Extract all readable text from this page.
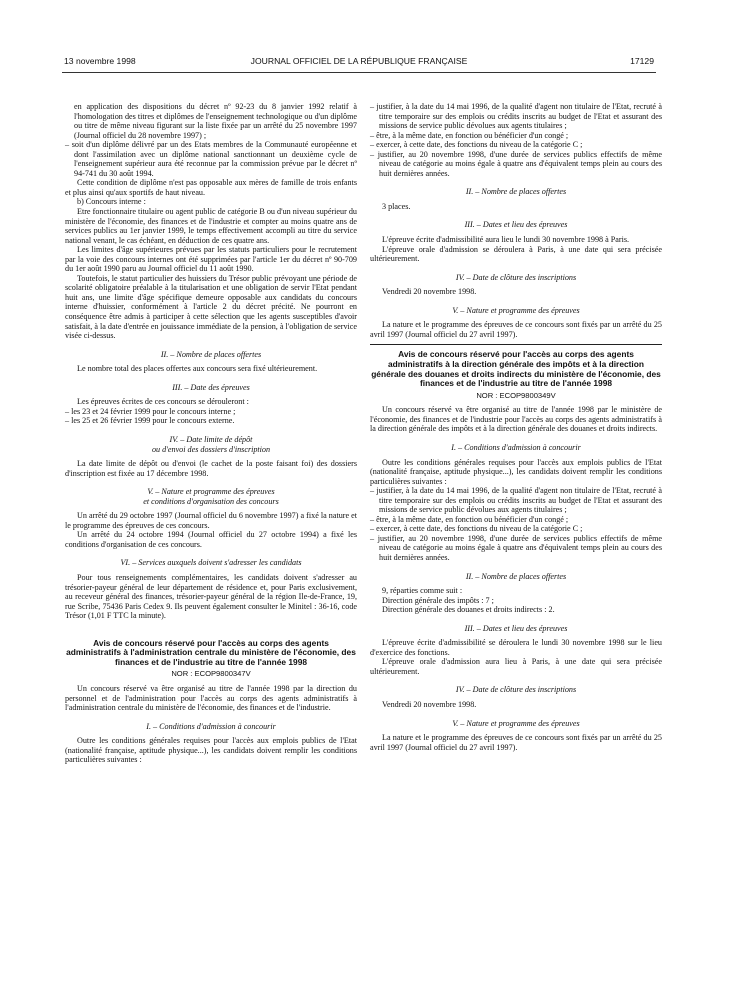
13 novembre 1998	JOURNAL OFFICIEL DE LA RÉPUBLIQUE FRANÇAISE	17129

en application des dispositions du décret nº 92-23 du 8 janvier 1992 relatif à l'homologation des titres et diplômes de l'enseignement technologique ou d'un diplôme ou titre de même niveau figurant sur la liste fixée par un arrêté du 25 novembre 1997 (Journal officiel du 28 novembre 1997) ;

– soit d'un diplôme délivré par un des Etats membres de la Communauté européenne et dont l'assimilation avec un diplôme national sanctionnant un deuxième cycle de l'enseignement supérieur aura été reconnue par la commission prévue par le décret nº 94-741 du 30 août 1994.

Cette condition de diplôme n'est pas opposable aux mères de famille de trois enfants et plus ainsi qu'aux sportifs de haut niveau.

b) Concours interne :

Etre fonctionnaire titulaire ou agent public de catégorie B ou d'un niveau supérieur du ministère de l'économie, des finances et de l'industrie et compter au moins quatre ans de services publics au 1er janvier 1999, le temps effectivement accompli au titre du service national venant, le cas échéant, en déduction de ces quatre ans.

Les limites d'âge supérieures prévues par les statuts particuliers pour le recrutement par la voie des concours internes ont été supprimées par l'article 1er du décret nº 90-709 du 1er août 1990 paru au Journal officiel du 11 août 1990.

Toutefois, le statut particulier des huissiers du Trésor public prévoyant une période de scolarité obligatoire préalable à la titularisation et une obligation de servir l'Etat pendant huit ans, une limite d'âge spécifique demeure opposable aux candidats du concours interne d'huissier, conformément à l'article 2 du décret précité. Ne pourront en conséquence être admis à participer à cette sélection que les agents susceptibles d'avoir satisfait, à la date d'entrée en jouissance immédiate de la pension, à l'obligation de service visée ci-dessus.

II. – Nombre de places offertes

Le nombre total des places offertes aux concours sera fixé ultérieurement.

III. – Date des épreuves

Les épreuves écrites de ces concours se dérouleront :

– les 23 et 24 février 1999 pour le concours interne ;

– les 25 et 26 février 1999 pour le concours externe.

IV. – Date limite de dépôt

ou d'envoi des dossiers d'inscription

La date limite de dépôt ou d'envoi (le cachet de la poste faisant foi) des dossiers d'inscription est fixée au 17 décembre 1998.

V. – Nature et programme des épreuves

et conditions d'organisation des concours

Un arrêté du 29 octobre 1997 (Journal officiel du 6 novembre 1997) a fixé la nature et le programme des épreuves de ces concours.

Un arrêté du 24 octobre 1994 (Journal officiel du 27 octobre 1994) a fixé les conditions d'organisation de ces concours.

VI. – Services auxquels doivent s'adresser les candidats

Pour tous renseignements complémentaires, les candidats doivent s'adresser au trésorier-payeur général de leur département de résidence et, pour Paris exclusivement, au receveur général des finances, trésorier-payeur général de la région Ile-de-France, 19, rue Scribe, 75436 Paris Cedex 9. Ils peuvent également consulter le Minitel : 36-16, code Trésor (1,01 F TTC la minute).

Avis de concours réservé pour l'accès au corps des agents administratifs à l'administration centrale du ministère de l'économie, des finances et de l'industrie au titre de l'année 1998

NOR : ECOP9800347V

Un concours réservé va être organisé au titre de l'année 1998 par la direction du personnel et de l'administration pour l'accès au corps des agents administratifs à l'administration centrale du ministère de l'économie, des finances et de l'industrie.

I. – Conditions d'admission à concourir

Outre les conditions générales requises pour l'accès aux emplois publics de l'Etat (nationalité française, aptitude physique...), les candidats doivent remplir les conditions particulières suivantes :

– justifier, à la date du 14 mai 1996, de la qualité d'agent non titulaire de l'Etat, recruté à titre temporaire sur des emplois ou crédits inscrits au budget de l'Etat et assurant des missions de service public dévolues aux agents titulaires ;

– être, à la même date, en fonction ou bénéficier d'un congé ;

– exercer, à cette date, des fonctions du niveau de la catégorie C ;

– justifier, au 20 novembre 1998, d'une durée de services publics effectifs de même niveau de catégorie au moins égale à quatre ans d'équivalent temps plein au cours des huit dernières années.

II. – Nombre de places offertes

3 places.

III. – Dates et lieu des épreuves

L'épreuve écrite d'admissibilité aura lieu le lundi 30 novembre 1998 à Paris.

L'épreuve orale d'admission se déroulera à Paris, à une date qui sera précisée ultérieurement.

IV. – Date de clôture des inscriptions

Vendredi 20 novembre 1998.

V. – Nature et programme des épreuves

La nature et le programme des épreuves de ce concours sont fixés par un arrêté du 25 avril 1997 (Journal officiel du 27 avril 1997).

Avis de concours réservé pour l'accès au corps des agents administratifs à la direction générale des impôts et à la direction générale des douanes et droits indirects du ministère de l'économie, des finances et de l'industrie au titre de l'année 1998

NOR : ECOP9800349V

Un concours réservé va être organisé au titre de l'année 1998 par le ministère de l'économie, des finances et de l'industrie pour l'accès au corps des agents administratifs à la direction générale des impôts et à la direction générale des douanes et droits indirects.

I. – Conditions d'admission à concourir

Outre les conditions générales requises pour l'accès aux emplois publics de l'Etat (nationalité française, aptitude physique...), les candidats doivent remplir les conditions particulières suivantes :

– justifier, à la date du 14 mai 1996, de la qualité d'agent non titulaire de l'Etat, recruté à titre temporaire sur des emplois ou crédits inscrits au budget de l'Etat et assurant des missions de service public dévolues aux agents titulaires ;

– être, à la même date, en fonction ou bénéficier d'un congé ;

– exercer, à cette date, des fonctions du niveau de la catégorie C ;

– justifier, au 20 novembre 1998, d'une durée de services publics effectifs de même niveau de catégorie au moins égale à quatre ans d'équivalent temps plein au cours des huit dernières années.

II. – Nombre de places offertes

9, réparties comme suit :

Direction générale des impôts : 7 ;

Direction générale des douanes et droits indirects : 2.

III. – Dates et lieu des épreuves

L'épreuve écrite d'admissibilité se déroulera le lundi 30 novembre 1998 sur le lieu d'exercice des fonctions.

L'épreuve orale d'admission aura lieu à Paris, à une date qui sera précisée ultérieurement.

IV. – Date de clôture des inscriptions

Vendredi 20 novembre 1998.

V. – Nature et programme des épreuves

La nature et le programme des épreuves de ce concours sont fixés par un arrêté du 25 avril 1997 (Journal officiel du 27 avril 1997).
